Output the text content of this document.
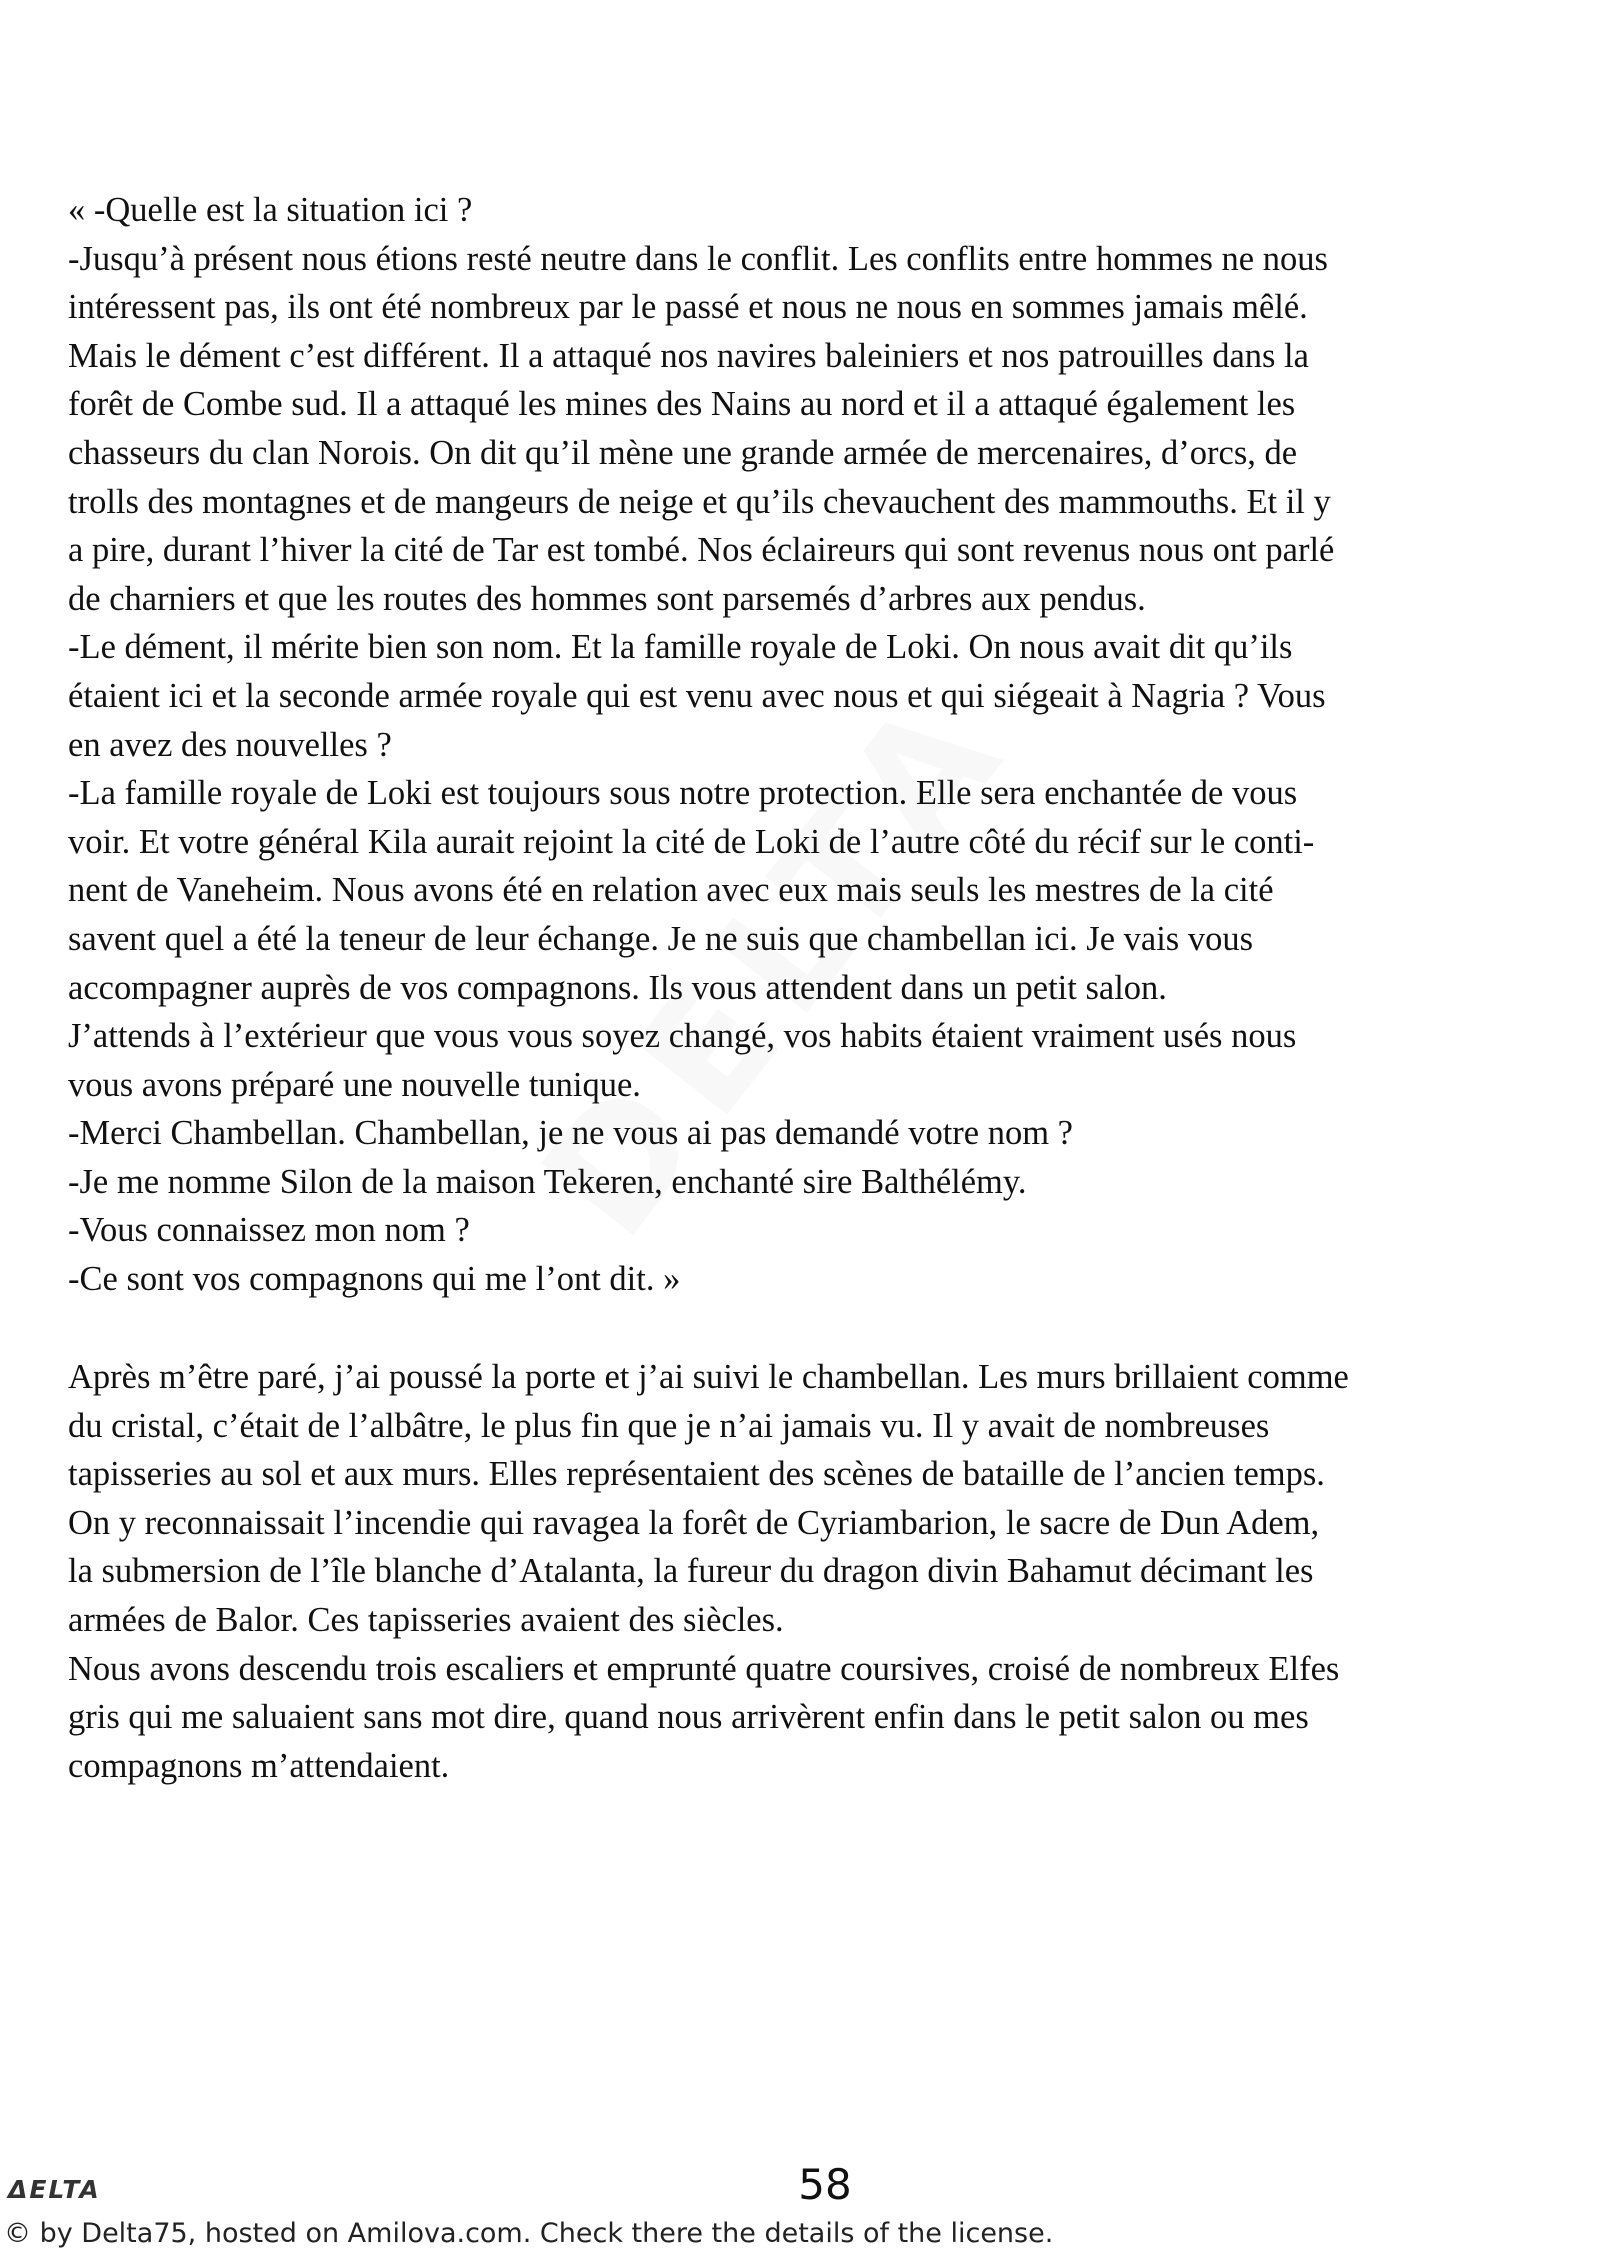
« -Quelle est la situation ici ?
-Jusqu’à présent nous étions resté neutre dans le conflit. Les conflits entre hommes ne nous
intéressent pas, ils ont été nombreux par le passé et nous ne nous en sommes jamais mêlé.
Mais le dément c’est différent. Il a attaqué nos navires baleiniers et nos patrouilles dans la
forêt de Combe sud. Il a attaqué les mines des Nains au nord et il a attaqué également les
chasseurs du clan Norois. On dit qu’il mène une grande armée de mercenaires, d’orcs, de
trolls des montagnes et de mangeurs de neige et qu’ils chevauchent des mammouths. Et il y
a pire, durant l’hiver la cité de Tar est tombé. Nos éclaireurs qui sont revenus nous ont parlé
de charniers et que les routes des hommes sont parsemés d’arbres aux pendus.
-Le dément, il mérite bien son nom. Et la famille royale de Loki. On nous avait dit qu’ils
étaient ici et la seconde armée royale qui est venu avec nous et qui siégeait à Nagria ? Vous
en avez des nouvelles ?
-La famille royale de Loki est toujours sous notre protection. Elle sera enchantée de vous
voir. Et votre général Kila aurait rejoint la cité de Loki de l’autre côté du récif sur le conti-
nent de Vaneheim. Nous avons été en relation avec eux mais seuls les mestres de la cité
savent quel a été la teneur de leur échange. Je ne suis que chambellan ici. Je vais vous
accompagner auprès de vos compagnons. Ils vous attendent dans un petit salon.
J’attends à l’extérieur que vous vous soyez changé, vos habits étaient vraiment usés nous
vous avons préparé une nouvelle tunique.
-Merci Chambellan. Chambellan, je ne vous ai pas demandé votre nom ?
-Je me nomme Silon de la maison Tekeren, enchanté sire Balthélémy.
-Vous connaissez mon nom ?
-Ce sont vos compagnons qui me l’ont dit. »
Après m’être paré, j’ai poussé la porte et j’ai suivi le chambellan. Les murs brillaient comme
du cristal, c’était de l’albâtre, le plus fin que je n’ai jamais vu. Il y avait de nombreuses
tapisseries au sol et aux murs. Elles représentaient des scènes de bataille de l’ancien temps.
On y reconnaissait l’incendie qui ravagea la forêt de Cyriambarion, le sacre de Dun Adem,
la submersion de l’île blanche d’Atalanta, la fureur du dragon divin Bahamut décimant les
armées de Balor. Ces tapisseries avaient des siècles.
Nous avons descendu trois escaliers et emprunté quatre coursives, croisé de nombreux Elfes
gris qui me saluaient sans mot dire, quand nous arrivèrent enfin dans le petit salon ou mes
compagnons m’attendaient.
ΔELTA	58
© by Delta75, hosted on Amilova.com. Check there the details of the license.
